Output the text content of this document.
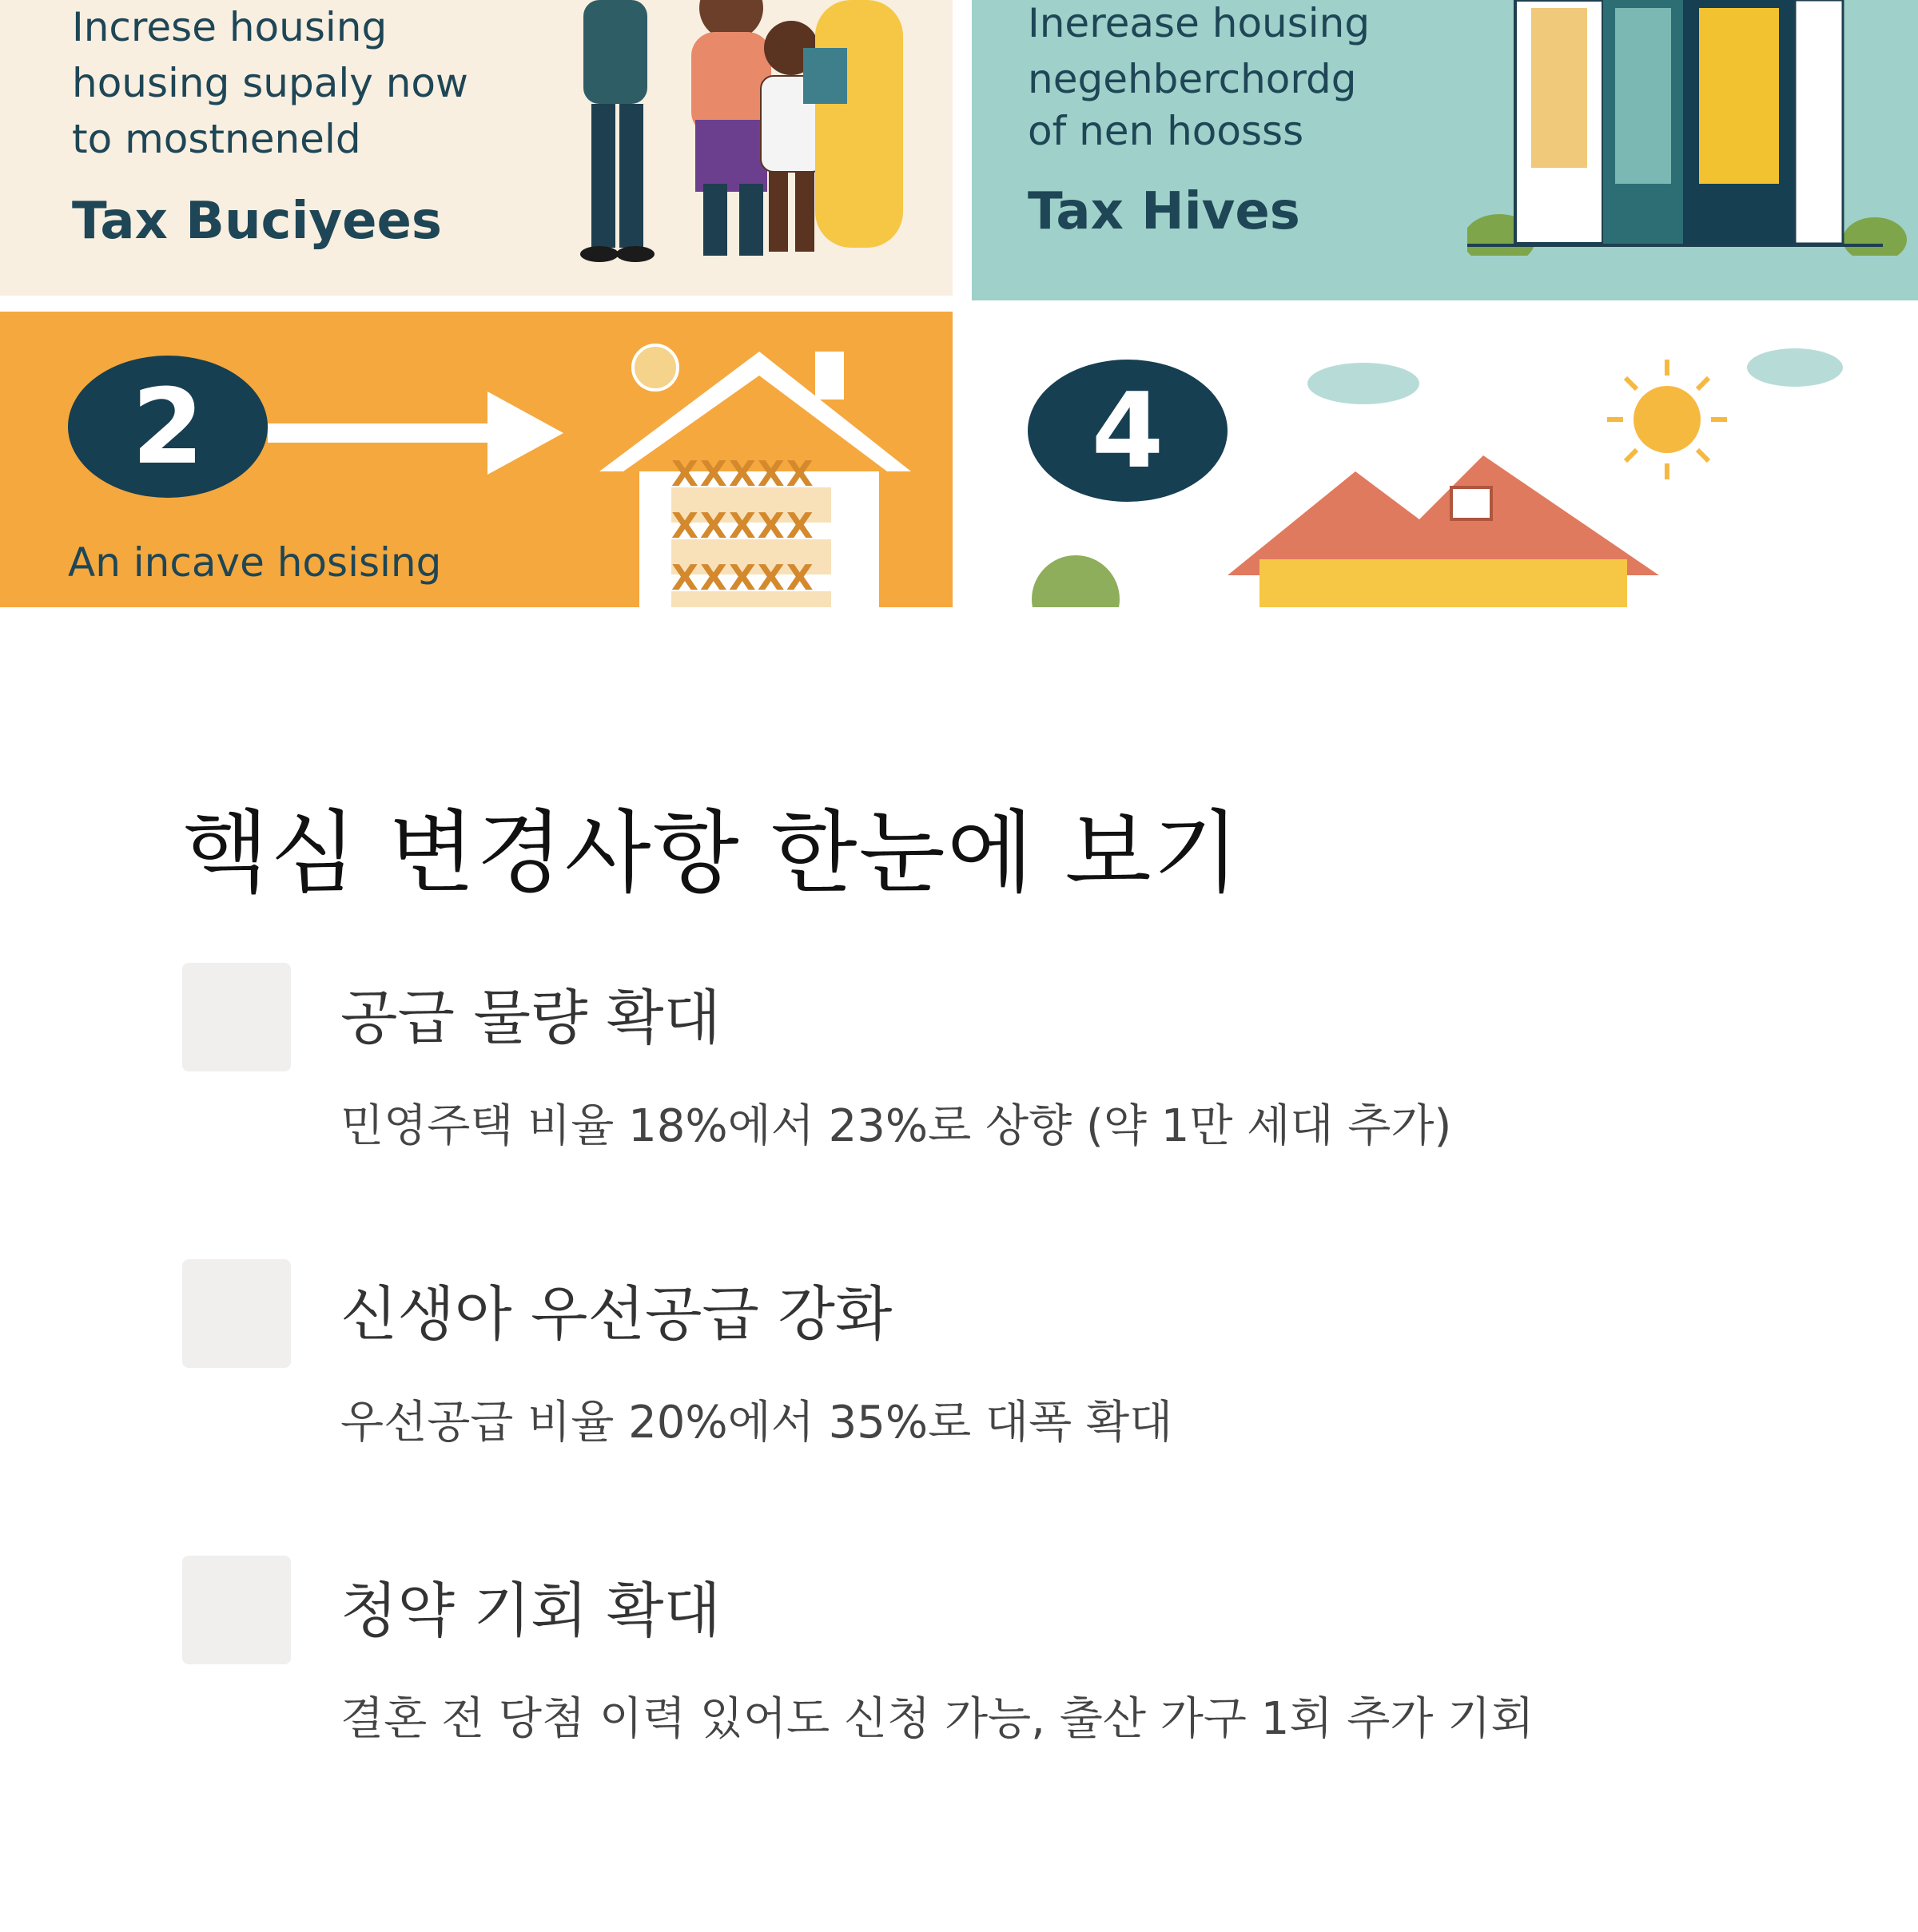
Increse housing
housing supaly now
to mostneneld
Tax Buciyees
Inerease housing
negehberchordg
of nen hoosss
Tax Hives
2	XXXXX
XXXXX
XXXXX
An incave hosising
4
핵심 변경사항 한눈에 보기
공급 물량 확대
민영주택 비율 18%에서 23%로 상향 (약 1만 세대 추가)
신생아 우선공급 강화
우선공급 비율 20%에서 35%로 대폭 확대
청약 기회 확대
결혼 전 당첨 이력 있어도 신청 가능, 출산 가구 1회 추가 기회
